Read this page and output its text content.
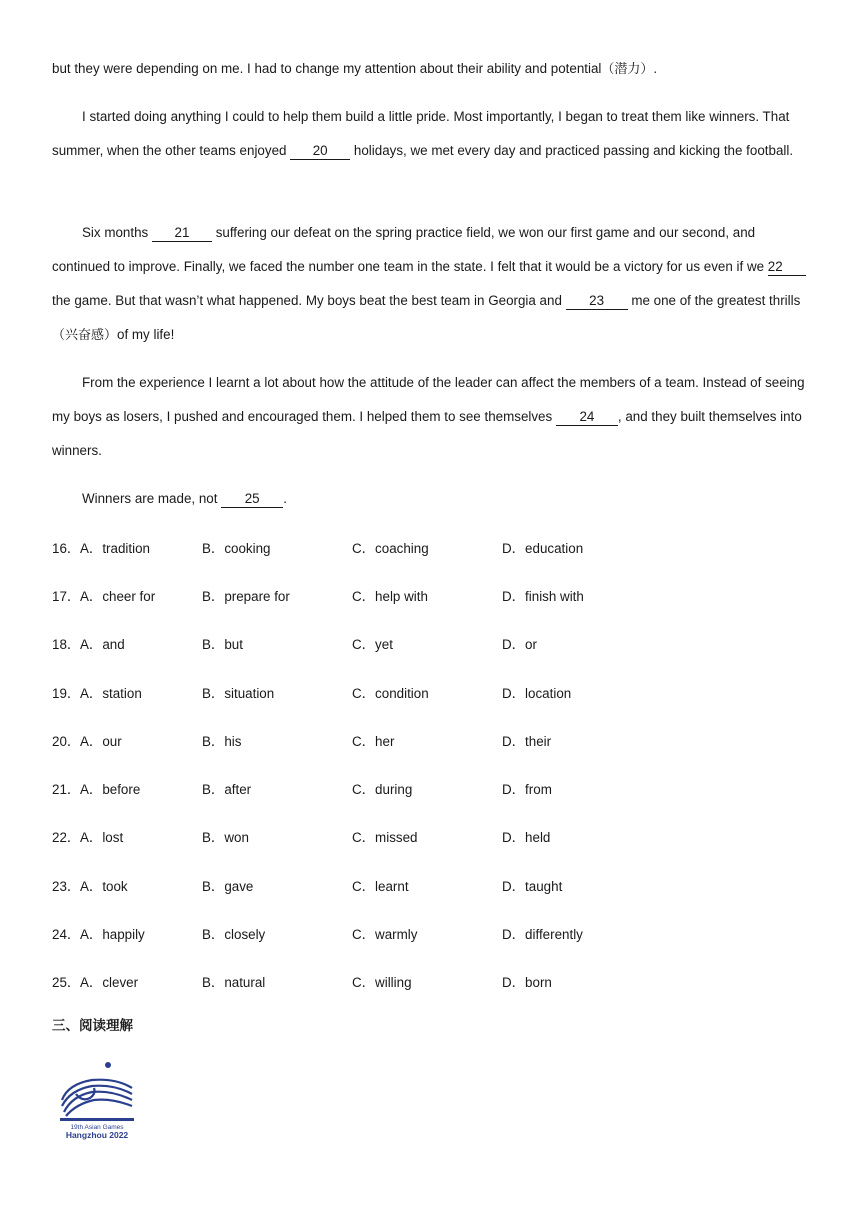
but they were depending on me. I had to change my attention about their ability and potential（潜力）.

I started doing anything I could to help them build a little pride. Most importantly, I began to treat them like winners. That summer, when the other teams enjoyed 20 holidays, we met every day and practiced passing and kicking the football.

Six months 21 suffering our defeat on the spring practice field, we won our first game and our second, and continued to improve. Finally, we faced the number one team in the state. I felt that it would be a victory for us even if we 22 the game. But that wasn’t what happened. My boys beat the best team in Georgia and 23 me one of the greatest thrills（兴奋感）of my life!

From the experience I learnt a lot about how the attitude of the leader can affect the members of a team. Instead of seeing my boys as losers, I pushed and encouraged them. I helped them to see themselves 24 , and they built themselves into winners.

Winners are made, not 25 .

16． A．tradition	B．cooking	C．coaching	D．education
17． A．cheer for	B．prepare for	C．help with	D．finish with
18． A．and	B．but	C．yet	D．or
19． A．station	B．situation	C．condition	D．location
20． A．our	B．his	C．her	D．their
21． A．before	B．after	C．during	D．from
22． A．lost	B．won	C．missed	D．held
23． A．took	B．gave	C．learnt	D．taught
24． A．happily	B．closely	C．warmly	D．differently
25． A．clever	B．natural	C．willing	D．born
三、阅读理解
19th Asian Games
Hangzhou 2022
